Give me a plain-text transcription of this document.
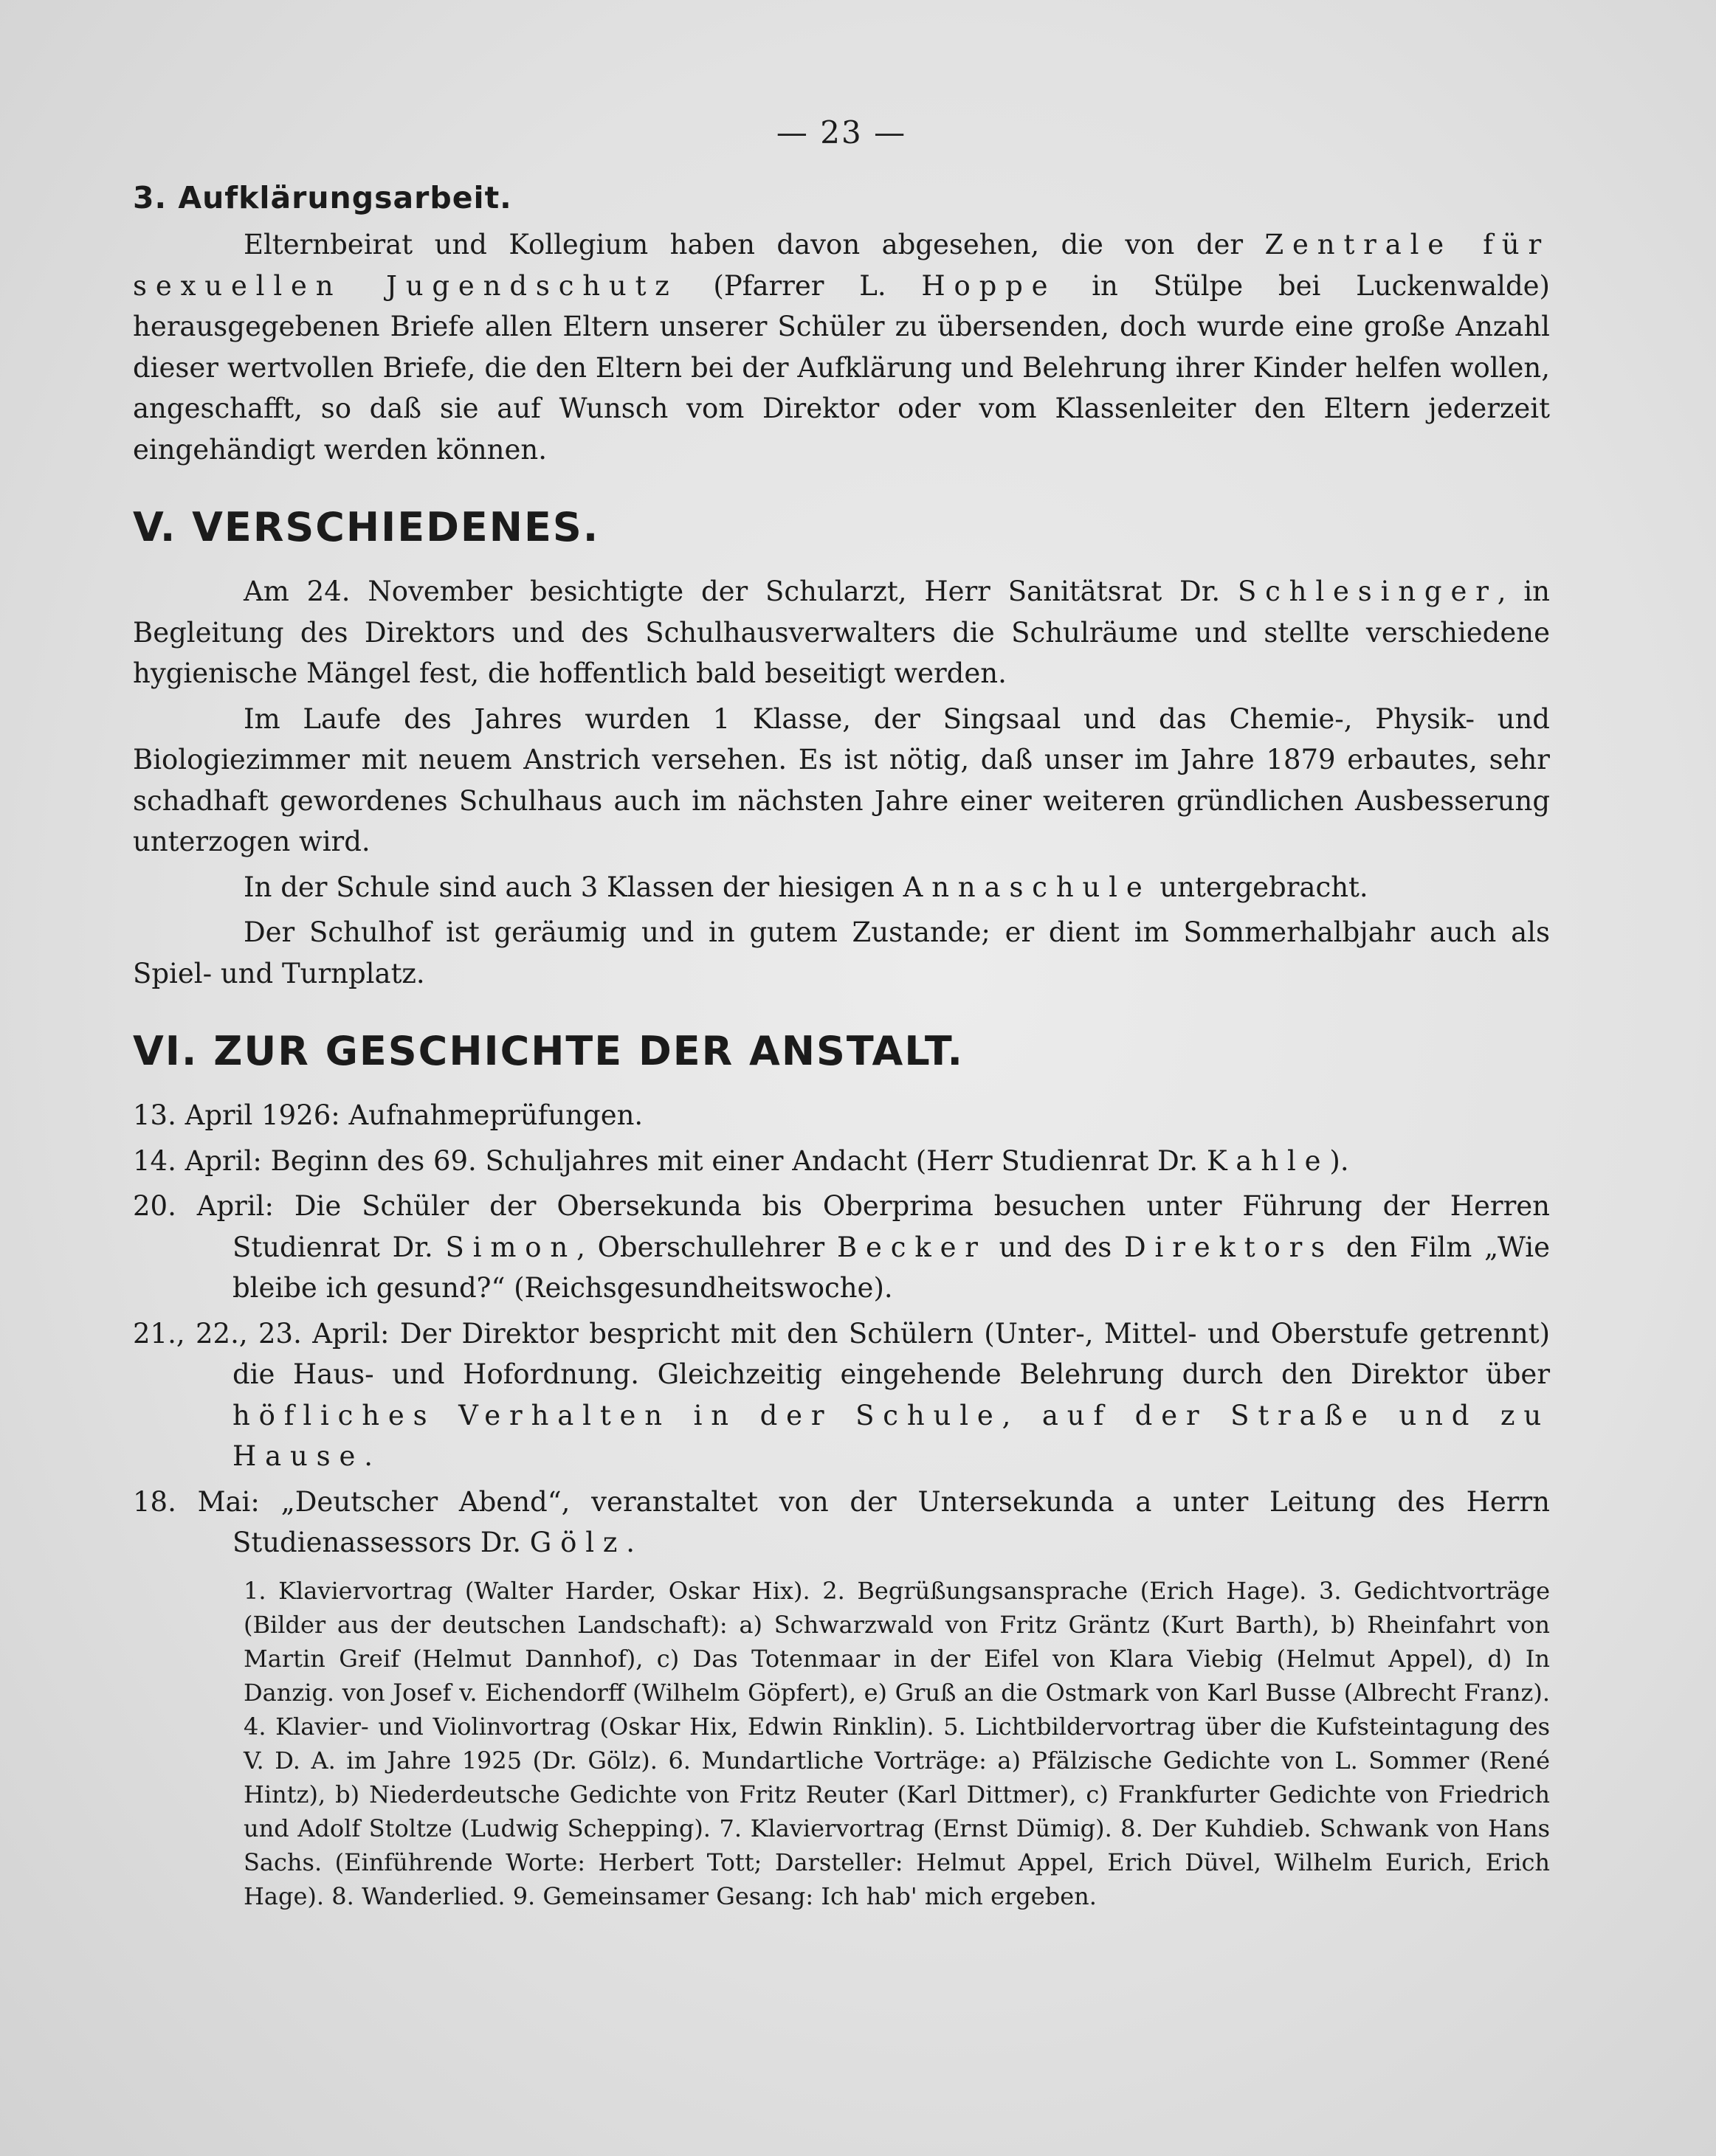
— 23 —
3. Aufklärungsarbeit.

Elternbeirat und Kollegium haben davon abgesehen, die von der Zentrale für sexuellen Jugendschutz (Pfarrer L. Hoppe in Stülpe bei Luckenwalde) herausgegebenen Briefe allen Eltern unserer Schüler zu übersenden, doch wurde eine große Anzahl dieser wertvollen Briefe, die den Eltern bei der Aufklärung und Belehrung ihrer Kinder helfen wollen, angeschafft, so daß sie auf Wunsch vom Direktor oder vom Klassenleiter den Eltern jederzeit eingehändigt werden können.

V. VERSCHIEDENES.

Am 24. November besichtigte der Schularzt, Herr Sanitätsrat Dr. Schlesinger, in Begleitung des Direktors und des Schulhausverwalters die Schulräume und stellte verschiedene hygienische Mängel fest, die hoffentlich bald beseitigt werden.

Im Laufe des Jahres wurden 1 Klasse, der Singsaal und das Chemie-, Physik- und Biologiezimmer mit neuem Anstrich versehen. Es ist nötig, daß unser im Jahre 1879 erbautes, sehr schadhaft gewordenes Schulhaus auch im nächsten Jahre einer weiteren gründlichen Ausbesserung unterzogen wird.

In der Schule sind auch 3 Klassen der hiesigen Annaschule untergebracht.

Der Schulhof ist geräumig und in gutem Zustande; er dient im Sommerhalbjahr auch als Spiel- und Turnplatz.

VI. ZUR GESCHICHTE DER ANSTALT.

13. April 1926: Aufnahmeprüfungen.

14. April: Beginn des 69. Schuljahres mit einer Andacht (Herr Studienrat Dr. Kahle).

20. April: Die Schüler der Obersekunda bis Oberprima besuchen unter Führung der Herren Studienrat Dr. Simon, Oberschullehrer Becker und des Direktors den Film „Wie bleibe ich gesund?“ (Reichsgesundheitswoche).

21., 22., 23. April: Der Direktor bespricht mit den Schülern (Unter-, Mittel- und Oberstufe getrennt) die Haus- und Hofordnung. Gleichzeitig eingehende Belehrung durch den Direktor über höfliches Verhalten in der Schule, auf der Straße und zu Hause.

18. Mai: „Deutscher Abend“, veranstaltet von der Untersekunda a unter Leitung des Herrn Studienassessors Dr. Gölz.

1. Klaviervortrag (Walter Harder, Oskar Hix). 2. Begrüßungsansprache (Erich Hage). 3. Gedichtvorträge (Bilder aus der deutschen Landschaft): a) Schwarzwald von Fritz Gräntz (Kurt Barth), b) Rheinfahrt von Martin Greif (Helmut Dannhof), c) Das Totenmaar in der Eifel von Klara Viebig (Helmut Appel), d) In Danzig. von Josef v. Eichendorff (Wilhelm Göpfert), e) Gruß an die Ostmark von Karl Busse (Albrecht Franz). 4. Klavier- und Violinvortrag (Oskar Hix, Edwin Rinklin). 5. Lichtbildervortrag über die Kufsteintagung des V. D. A. im Jahre 1925 (Dr. Gölz). 6. Mundartliche Vorträge: a) Pfälzische Gedichte von L. Sommer (René Hintz), b) Niederdeutsche Gedichte von Fritz Reuter (Karl Dittmer), c) Frankfurter Gedichte von Friedrich und Adolf Stoltze (Ludwig Schepping). 7. Klaviervortrag (Ernst Dümig). 8. Der Kuhdieb. Schwank von Hans Sachs. (Einführende Worte: Herbert Tott; Darsteller: Helmut Appel, Erich Düvel, Wilhelm Eurich, Erich Hage). 8. Wanderlied. 9. Gemeinsamer Gesang: Ich hab' mich ergeben.
